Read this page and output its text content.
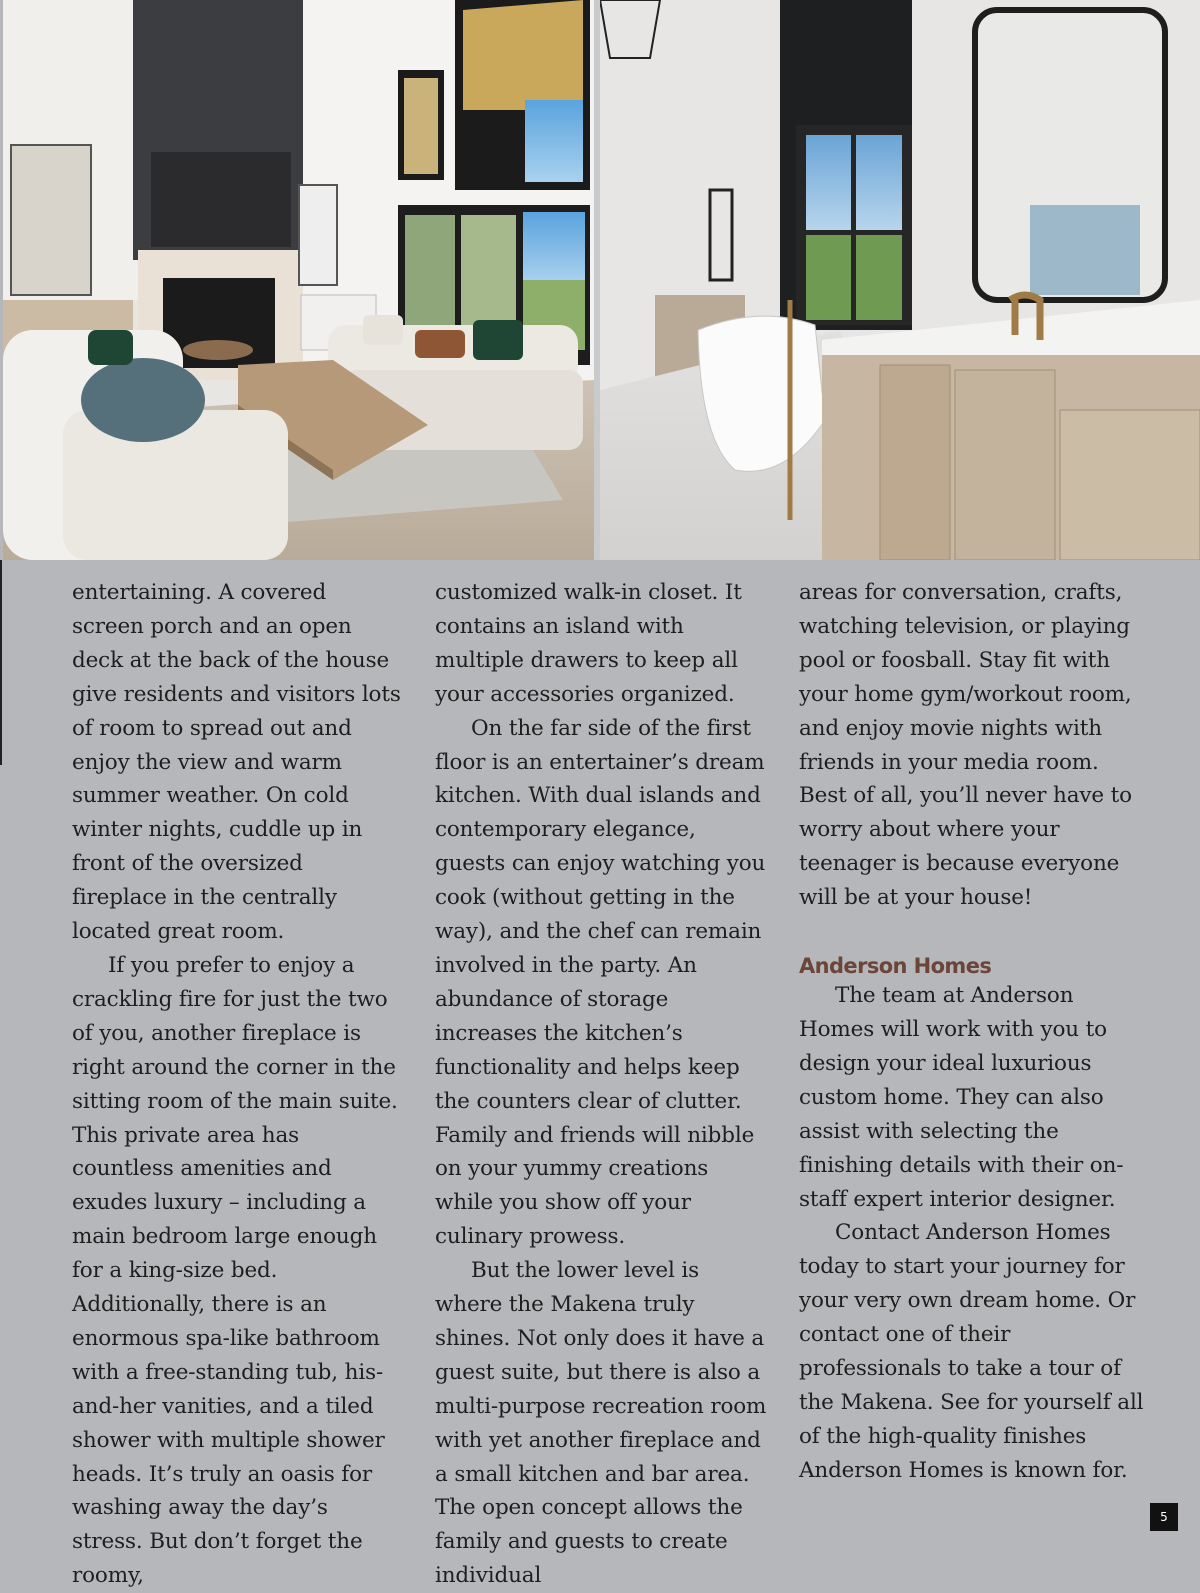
entertaining. A covered screen porch and an open deck at the back of the house give residents and visitors lots of room to spread out and enjoy the view and warm summer weather. On cold winter nights, cuddle up in front of the oversized fireplace in the centrally located great room.

If you prefer to enjoy a crackling fire for just the two of you, another fireplace is right around the corner in the sitting room of the main suite. This private area has countless amenities and exudes luxury – including a main bedroom large enough for a king-size bed. Additionally, there is an enormous spa-like bathroom with a free-standing tub, his-and-her vanities, and a tiled shower with multiple shower heads. It’s truly an oasis for washing away the day’s stress. But don’t forget the roomy,

customized walk-in closet. It contains an island with multiple drawers to keep all your accessories organized.

On the far side of the first floor is an entertainer’s dream kitchen. With dual islands and contemporary elegance, guests can enjoy watching you cook (without getting in the way), and the chef can remain involved in the party. An abundance of storage increases the kitchen’s functionality and helps keep the counters clear of clutter. Family and friends will nibble on your yummy creations while you show off your culinary prowess.

But the lower level is where the Makena truly shines. Not only does it have a guest suite, but there is also a multi-purpose recreation room with yet another fireplace and a small kitchen and bar area. The open concept allows the family and guests to create individual

areas for conversation, crafts, watching television, or playing pool or foosball. Stay fit with your home gym/workout room, and enjoy movie nights with friends in your media room. Best of all, you’ll never have to worry about where your teenager is because everyone will be at your house!

Anderson Homes

The team at Anderson Homes will work with you to design your ideal luxurious custom home. They can also assist with selecting the finishing details with their on-staff expert interior designer.

Contact Anderson Homes today to start your journey for your very own dream home. Or contact one of their professionals to take a tour of the Makena. See for yourself all of the high-quality finishes Anderson Homes is known for.

5
